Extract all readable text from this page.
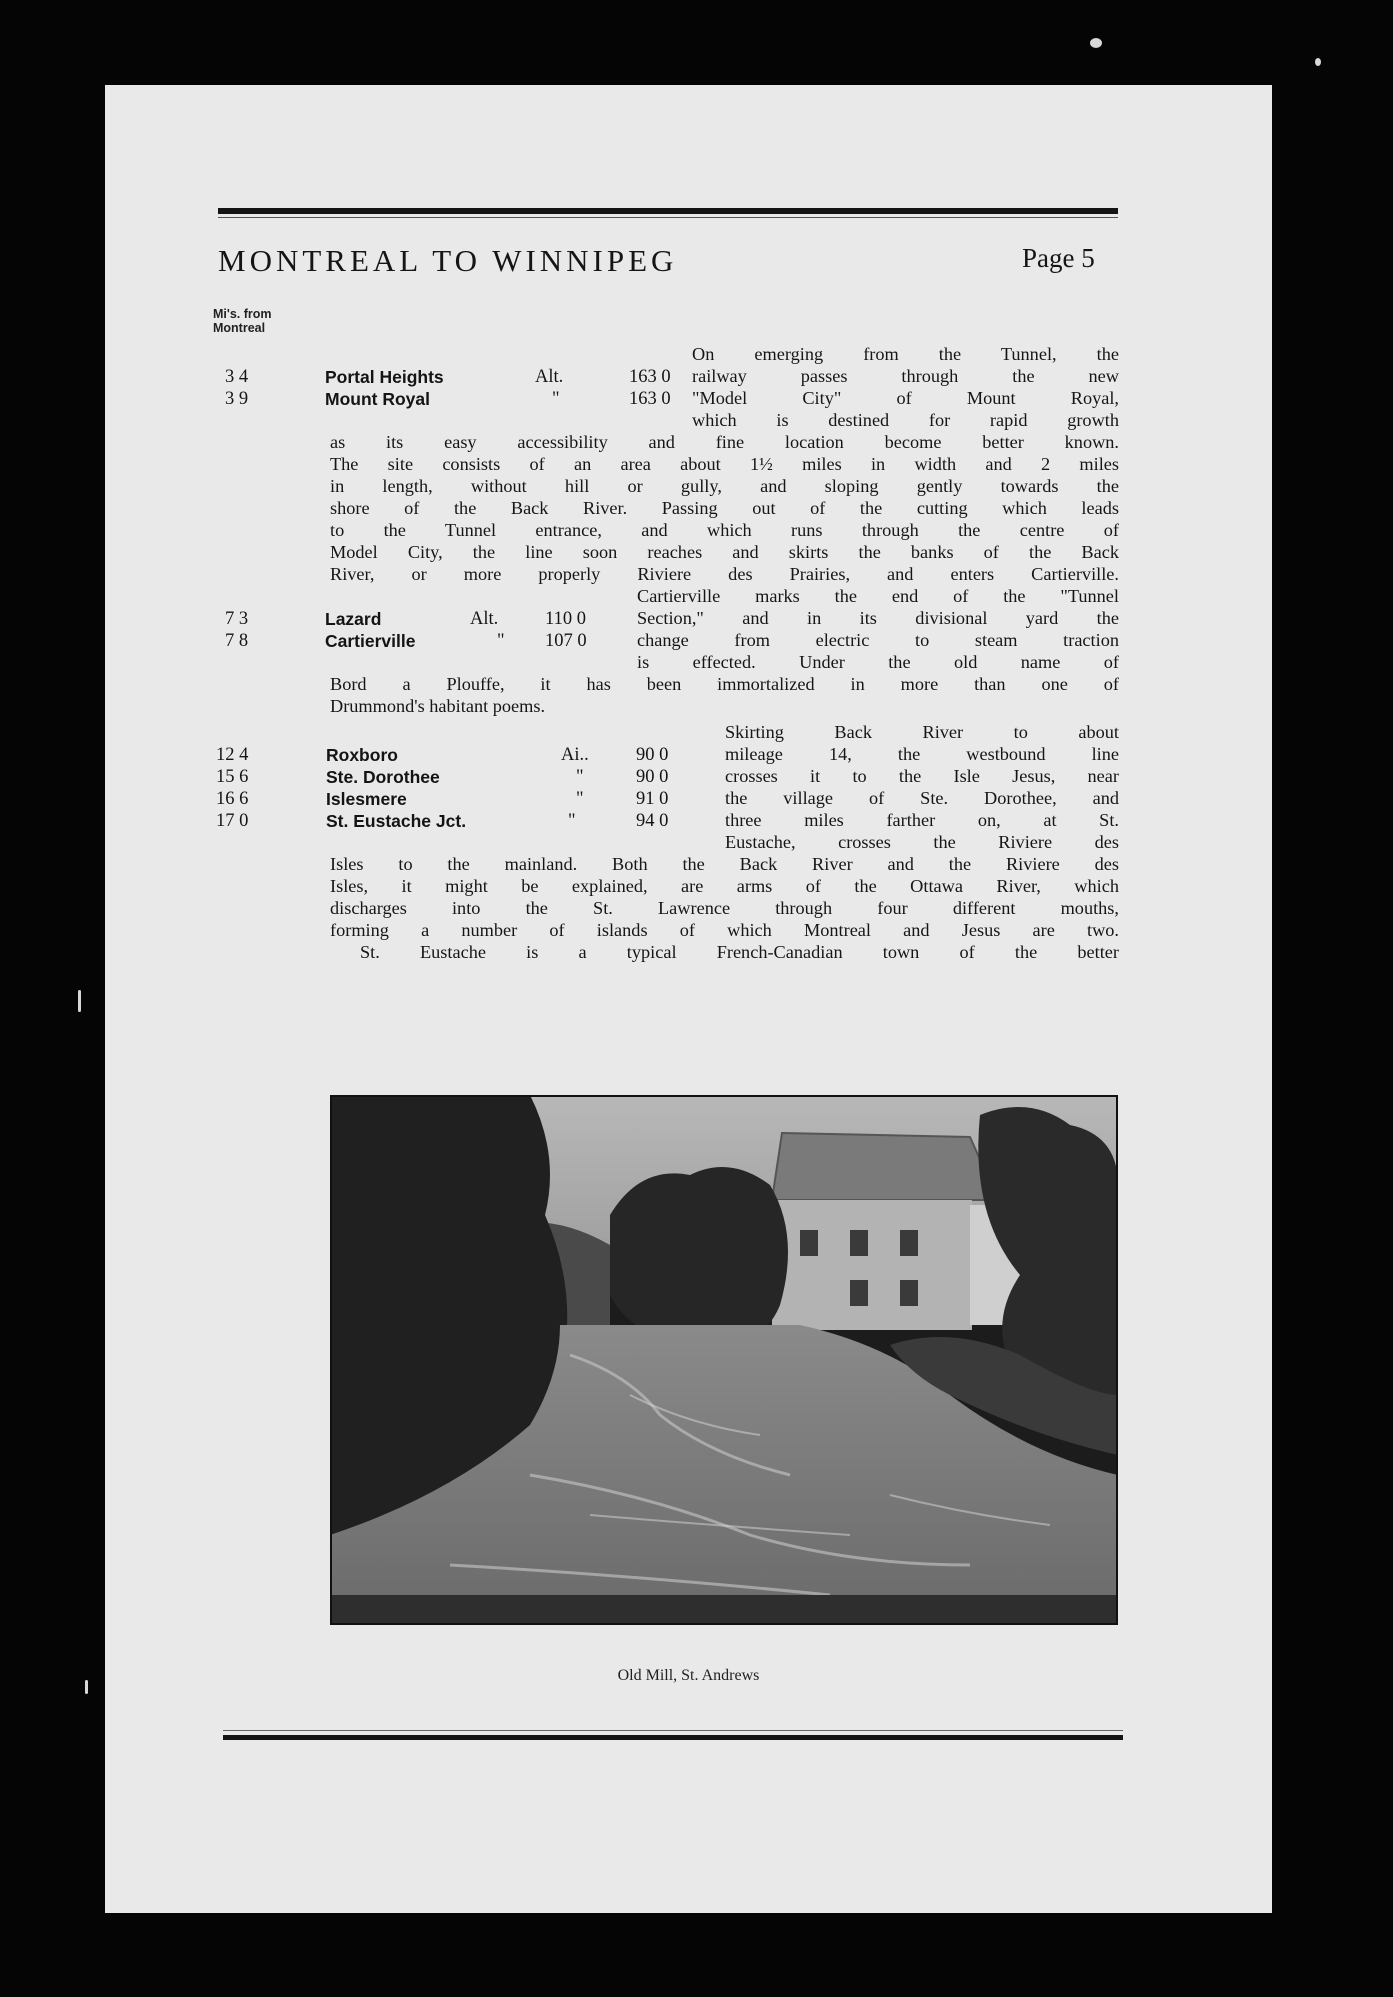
MONTREAL TO WINNIPEG	Page 5
Mi's. from
Montreal
On emerging from the Tunnel, the
railway passes through the new
"Model City" of Mount Royal,
which is destined for rapid growth
as its easy accessibility and fine location become better known.
The site consists of an area about 1½ miles in width and 2 miles
in length, without hill or gully, and sloping gently towards the
shore of the Back River. Passing out of the cutting which leads
to the Tunnel entrance, and which runs through the centre of
Model City, the line soon reaches and skirts the banks of the Back
River, or more properly Riviere des Prairies, and enters Cartierville.
Cartierville marks the end of the "Tunnel
Section," and in its divisional yard the
change from electric to steam traction
is effected. Under the old name of
Bord a Plouffe, it has been immortalized in more than one of
Drummond's habitant poems.
Skirting Back River to about
mileage 14, the westbound line
crosses it to the Isle Jesus, near
the village of Ste. Dorothee, and
three miles farther on, at St.
Eustache, crosses the Riviere des
Isles to the mainland. Both the Back River and the Riviere des
Isles, it might be explained, are arms of the Ottawa River, which
discharges into the St. Lawrence through four different mouths,
forming a number of islands of which Montreal and Jesus are two.
St. Eustache is a typical French-Canadian town of the better
3 4	Portal Heights	Alt.	163 0
3 9	Mount Royal	"	163 0
7 3	Lazard	Alt.	110 0
7 8	Cartierville	" 107 0
12 4	Roxboro	Ai..	90 0
15 6	Ste. Dorothee	"	90 0
16 6	Islesmere	"	91 0
17 0	St. Eustache Jct.	"	94 0
Old Mill, St. Andrews
